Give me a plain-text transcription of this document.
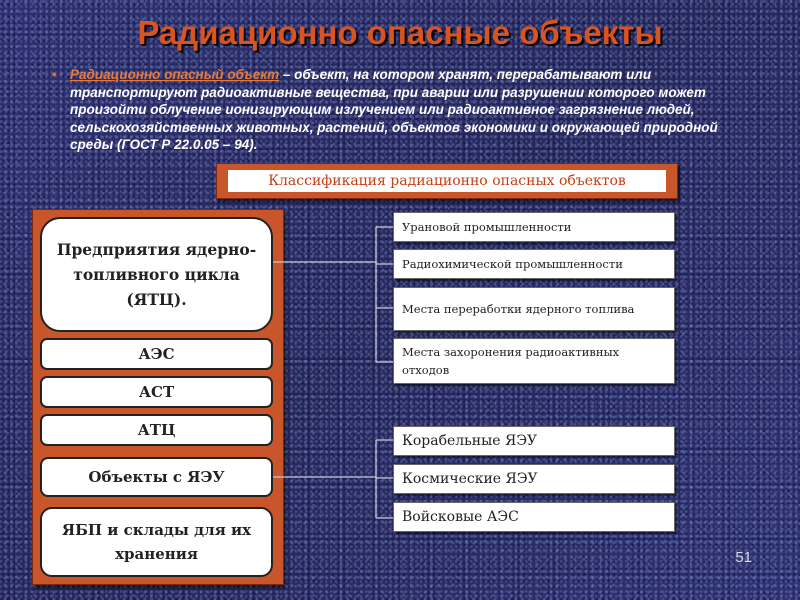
Радиационно опасные объекты
• Радиационно опасный объект – объект, на котором хранят, перерабатывают или транспортируют радиоактивные вещества, при аварии или разрушении которого может произойти облучение ионизирующим излучением или радиоактивное загрязнение людей, сельскохозяйственных животных, растений, объектов экономики и окружающей природной среды (ГОСТ Р 22.0.05 – 94).
Классификация радиационно опасных объектов
Предприятия ядерно-топливного цикла (ЯТЦ).
АЭС
АСТ
АТЦ
Объекты с ЯЭУ
ЯБП и склады для их хранения
Урановой промышленности
Радиохимической промышленности
Места переработки ядерного топлива
Места захоронения радиоактивных отходов
Корабельные ЯЭУ
Космические ЯЭУ
Войсковые АЭС
51
